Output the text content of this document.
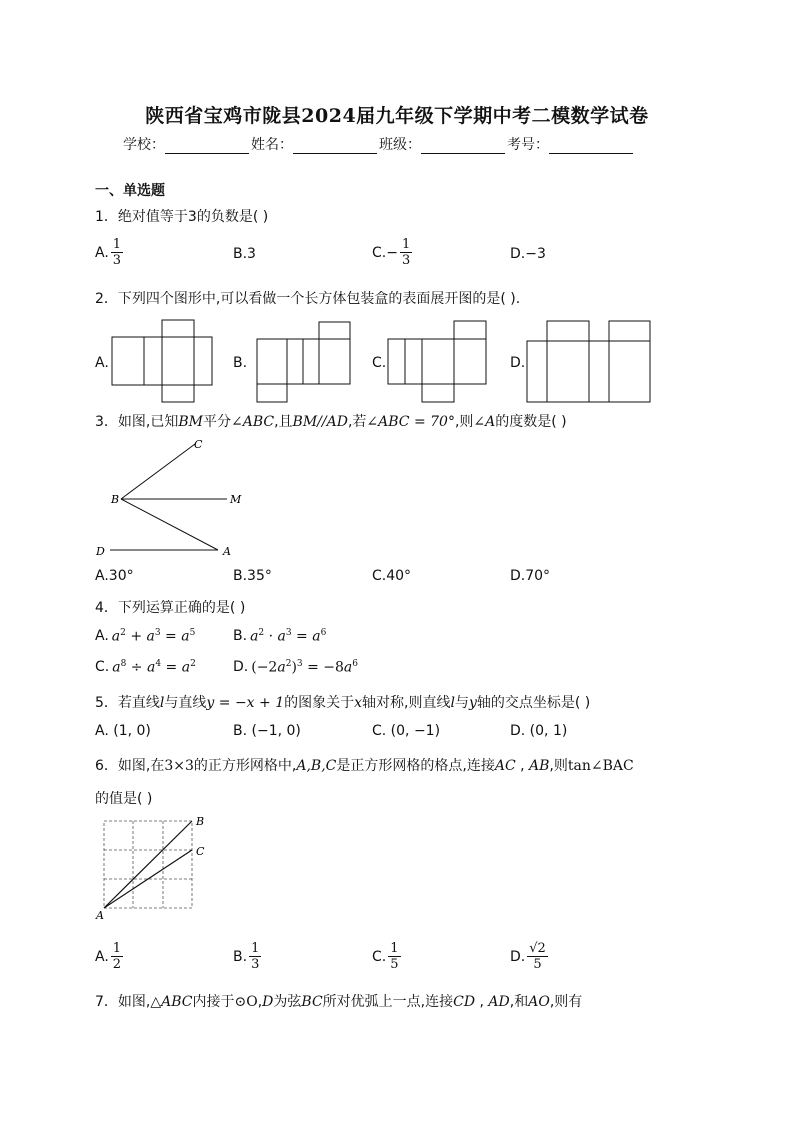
陕西省宝鸡市陇县2024届九年级下学期中考二模数学试卷
学校：	姓名：	班级：	考号：
一、单选题
1．绝对值等于3的负数是( )
A. $\frac{1}{3}$	B.3	$C.- \frac{1}{3}$	D.−3
2．下列四个图形中,可以看做一个长方体包装盒的表面展开图的是( ).
A.	B.	C.	D.
3．如图,已知BM平分∠ABC,且BM//AD,若∠ABC = 70°,则∠A的度数是( )
C
B	M
D	A
A.30°	B.35°	C.40°	D.70°
4．下列运算正确的是( )
A. $a^2 + a^3 = a^5$	B. $a^2 \cdot a^3 = a^6$
C. $a^8 \div a^4 = a^2$	D. $(-2a^2)^3 = -8a^6$
5．若直线l与直线y = −x + 1的图象关于x轴对称,则直线l与y轴的交点坐标是( )
A. (1, 0)	B. (−1, 0)	C. (0, −1)	D. (0, 1)
6．如图,在3×3的正方形网格中,A,B,C是正方形网格的格点,连接AC , AB,则tan∠BAC
的值是( )
B
C
A
A. $\frac{1}{2}$	B. $\frac{1}{3}$	C. $\frac{1}{5}$	D. $\frac{√2}{5}$
7．如图,△ABC内接于⊙O,D为弦BC所对优弧上一点,连接CD , AD,和AO,则有
